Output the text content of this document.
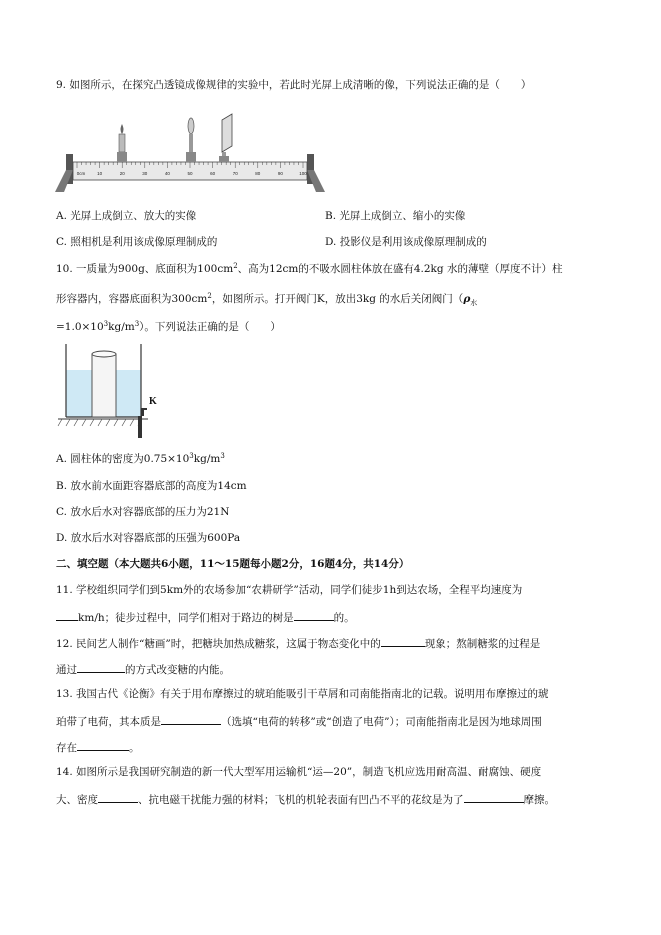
9. 如图所示，在探究凸透镜成像规律的实验中，若此时光屏上成清晰的像，下列说法正确的是（　　）
0cm	10	20	30	40	50	60	70	80	90	100
A. 光屏上成倒立、放大的实像	B. 光屏上成倒立、缩小的实像
C. 照相机是利用该成像原理制成的	D. 投影仪是利用该成像原理制成的
10. 一质量为900g、底面积为$100cm^2$、高为12cm的不吸水圆柱体放在盛有4.2kg 水的薄壁（厚度不计）柱
形容器内，容器底面积为$300cm^2$，如图所示。打开阀门K，放出3kg 的水后关闭阀门（$\rho_水$
$=1.0\times 10^3kg/m^3$）。下列说法正确的是（　　）
K
A. 圆柱体的密度为$0.75\times 10^3kg/m^3$
B. 放水前水面距容器底部的高度为14cm
C. 放水后水对容器底部的压力为21N
D. 放水后水对容器底部的压强为600Pa
二、填空题（本大题共6小题，11～15题每小题2分，16题4分，共14分）
11. 学校组织同学们到5km外的农场参加“农耕研学”活动，同学们徒步1h到达农场，全程平均速度为
km/h；徒步过程中，同学们相对于路边的树是	的。
12. 民间艺人制作“糖画”时，把糖块加热成糖浆，这属于物态变化中的	现象；熬制糖浆的过程是
通过	的方式改变糖的内能。
13. 我国古代《论衡》有关于用布摩擦过的琥珀能吸引干草屑和司南能指南北的记载。说明用布摩擦过的琥
珀带了电荷，其本质是	（选填“电荷的转移”或“创造了电荷”）；司南能指南北是因为地球周围
存在	。
14. 如图所示是我国研究制造的新一代大型军用运输机“运—20”，制造飞机应选用耐高温、耐腐蚀、硬度
大、密度	、抗电磁干扰能力强的材料；飞机的机轮表面有凹凸不平的花纹是为了	摩擦。
